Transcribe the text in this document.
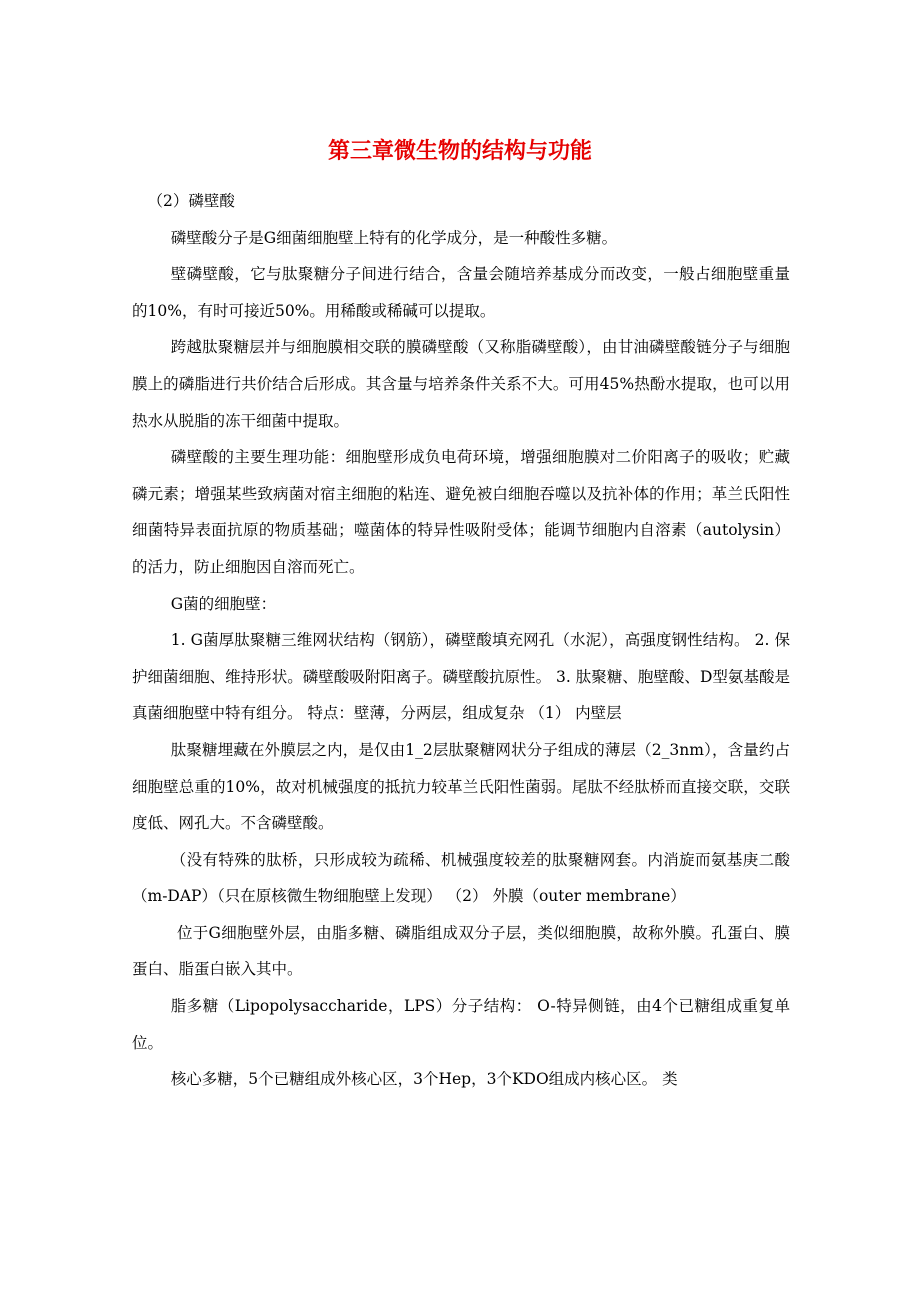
第三章微生物的结构与功能

（2）磷壁酸

磷壁酸分子是G细菌细胞壁上特有的化学成分，是一种酸性多糖。

壁磷壁酸，它与肽聚糖分子间进行结合，含量会随培养基成分而改变，一般占细胞壁重量的10%，有时可接近50%。用稀酸或稀碱可以提取。

跨越肽聚糖层并与细胞膜相交联的膜磷壁酸（又称脂磷壁酸），由甘油磷壁酸链分子与细胞膜上的磷脂进行共价结合后形成。其含量与培养条件关系不大。可用45%热酚水提取，也可以用热水从脱脂的冻干细菌中提取。

磷壁酸的主要生理功能：细胞壁形成负电荷环境，增强细胞膜对二价阳离子的吸收；贮藏磷元素；增强某些致病菌对宿主细胞的粘连、避免被白细胞吞噬以及抗补体的作用；革兰氏阳性细菌特异表面抗原的物质基础；噬菌体的特异性吸附受体；能调节细胞内自溶素（autolysin）的活力，防止细胞因自溶而死亡。

G菌的细胞壁：

1. G菌厚肽聚糖三维网状结构（钢筋），磷壁酸填充网孔（水泥），高强度钢性结构。 2. 保护细菌细胞、维持形状。磷壁酸吸附阳离子。磷壁酸抗原性。 3. 肽聚糖、胞壁酸、D型氨基酸是真菌细胞壁中特有组分。 特点：壁薄，分两层，组成复杂 （1） 内壁层

肽聚糖埋藏在外膜层之内，是仅由1_2层肽聚糖网状分子组成的薄层（2_3nm），含量约占细胞壁总重的10%，故对机械强度的抵抗力较革兰氏阳性菌弱。尾肽不经肽桥而直接交联，交联度低、网孔大。不含磷壁酸。

（没有特殊的肽桥，只形成较为疏稀、机械强度较差的肽聚糖网套。内消旋而氨基庚二酸（m-DAP）（只在原核微生物细胞壁上发现） （2） 外膜（outer membrane）

位于G细胞壁外层，由脂多糖、磷脂组成双分子层，类似细胞膜，故称外膜。孔蛋白、膜蛋白、脂蛋白嵌入其中。

脂多糖（Lipopolysaccharide，LPS）分子结构： O-特异侧链，由4个已糖组成重复单位。

核心多糖，5个已糖组成外核心区，3个Hep，3个KDO组成内核心区。 类
